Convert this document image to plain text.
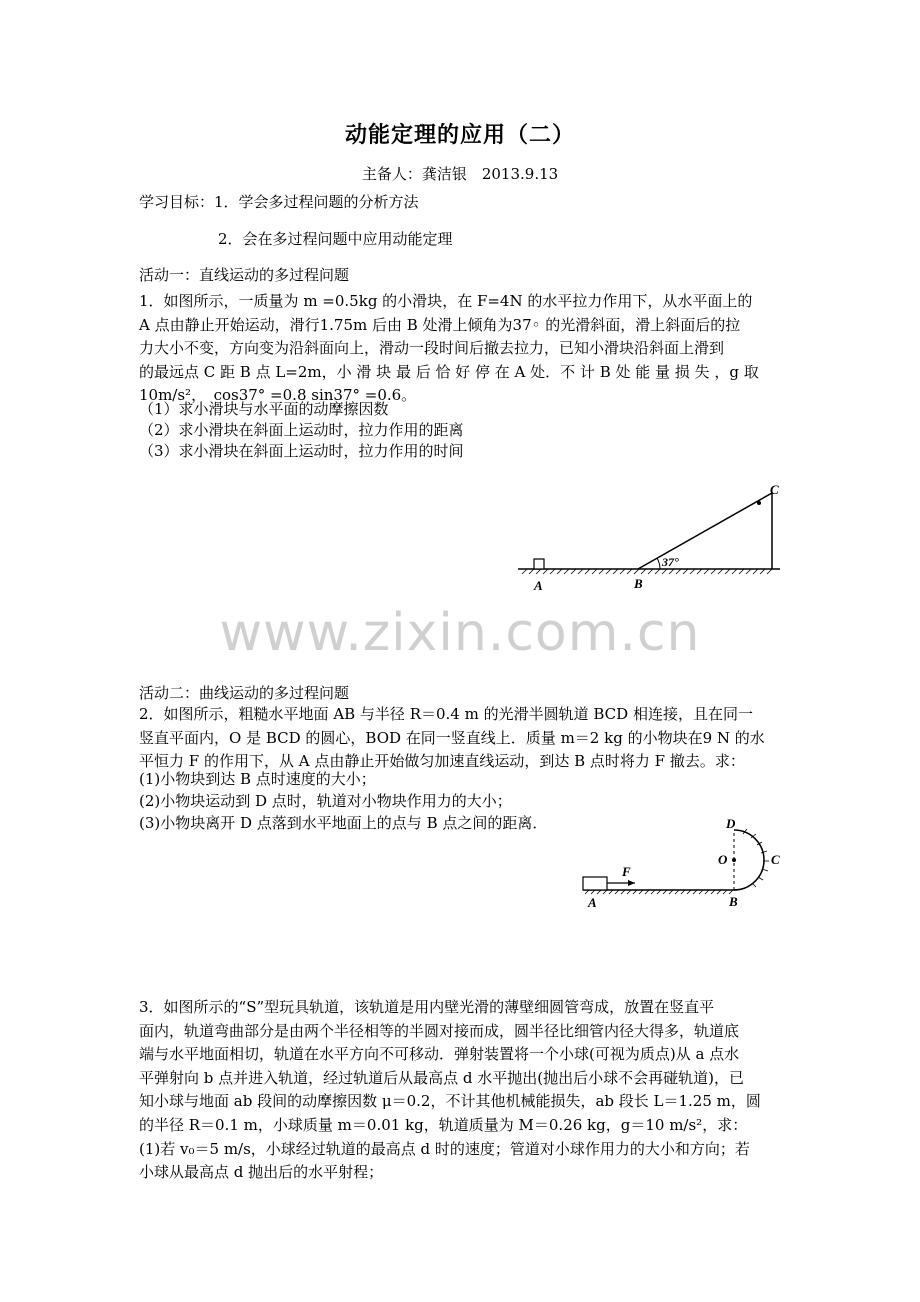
动能定理的应用（二）
主备人：龚洁银　2013.9.13
学习目标：1．学会多过程问题的分析方法
2．会在多过程问题中应用动能定理
活动一：直线运动的多过程问题

1．如图所示，一质量为 m =0.5kg 的小滑块，在 F=4N 的水平拉力作用下，从水平面上的

A 点由静止开始运动，滑行1.75m 后由 B 处滑上倾角为37◦ 的光滑斜面，滑上斜面后的拉

力大小不变，方向变为沿斜面向上，滑动一段时间后撤去拉力，已知小滑块沿斜面上滑到

的最远点 C 距 B 点 L=2m，小 滑 块 最 后 恰 好 停 在 A 处．不 计 B 处 能 量 损 失 ，g 取

10m/s²，　cos37° =0.8 sin37° =0.6。

（1）求小滑块与水平面的动摩擦因数
（2）求小滑块在斜面上运动时，拉力作用的距离
（3）求小滑块在斜面上运动时，拉力作用的时间
37°
A	B
C
www.zixin.com.cn
活动二：曲线运动的多过程问题

2．如图所示，粗糙水平地面 AB 与半径 R＝0.4 m 的光滑半圆轨道 BCD 相连接，且在同一

竖直平面内，O 是 BCD 的圆心，BOD 在同一竖直线上．质量 m＝2 kg 的小物块在9 N 的水

平恒力 F 的作用下，从 A 点由静止开始做匀加速直线运动，到达 B 点时将力 F 撤去。求：

(1)小物块到达 B 点时速度的大小；
(2)小物块运动到 D 点时，轨道对小物块作用力的大小；
(3)小物块离开 D 点落到水平地面上的点与 B 点之间的距离．
F
O
D
C
A	B

3．如图所示的“S”型玩具轨道，该轨道是用内壁光滑的薄壁细圆管弯成，放置在竖直平

面内，轨道弯曲部分是由两个半径相等的半圆对接而成，圆半径比细管内径大得多，轨道底

端与水平地面相切，轨道在水平方向不可移动．弹射装置将一个小球(可视为质点)从 a 点水

平弹射向 b 点并进入轨道，经过轨道后从最高点 d 水平抛出(抛出后小球不会再碰轨道)，已

知小球与地面 ab 段间的动摩擦因数 μ＝0.2，不计其他机械能损失，ab 段长 L＝1.25 m，圆

的半径 R＝0.1 m，小球质量 m＝0.01 kg，轨道质量为 M＝0.26 kg，g＝10 m/s²，求：

(1)若 v₀＝5 m/s，小球经过轨道的最高点 d 时的速度；管道对小球作用力的大小和方向；若

小球从最高点 d 抛出后的水平射程；
